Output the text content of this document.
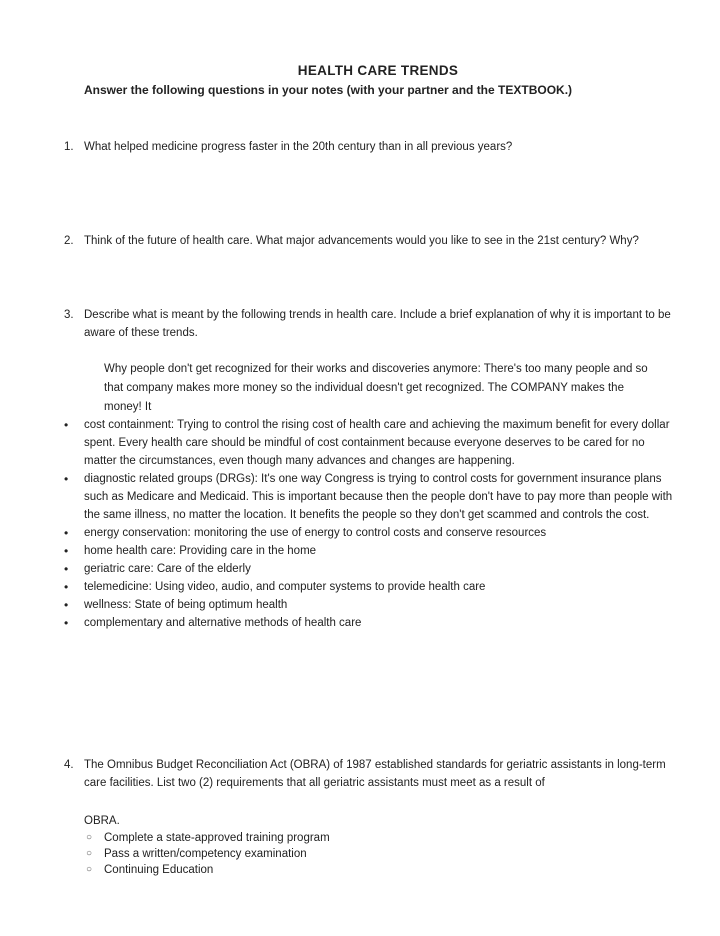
HEALTH CARE TRENDS
Answer the following questions in your notes (with your partner and the TEXTBOOK.)
1. What helped medicine progress faster in the 20th century than in all previous years?
2. Think of the future of health care. What major advancements would you like to see in the 21st century? Why?
3. Describe what is meant by the following trends in health care. Include a brief explanation of why it is important to be aware of these trends.
Why people don't get recognized for their works and discoveries anymore: There's too many people and so that company makes more money so the individual doesn't get recognized. The COMPANY makes the money! It
• cost containment: Trying to control the rising cost of health care and achieving the maximum benefit for every dollar spent. Every health care should be mindful of cost containment because everyone deserves to be cared for no matter the circumstances, even though many advances and changes are happening.
• diagnostic related groups (DRGs): It's one way Congress is trying to control costs for government insurance plans such as Medicare and Medicaid. This is important because then the people don't have to pay more than people with the same illness, no matter the location. It benefits the people so they don't get scammed and controls the cost.
• energy conservation: monitoring the use of energy to control costs and conserve resources
• home health care: Providing care in the home
• geriatric care: Care of the elderly
• telemedicine: Using video, audio, and computer systems to provide health care
• wellness: State of being optimum health
• complementary and alternative methods of health care
4. The Omnibus Budget Reconciliation Act (OBRA) of 1987 established standards for geriatric assistants in long-term care facilities. List two (2) requirements that all geriatric assistants must meet as a result of
OBRA.
○ Complete a state-approved training program
○ Pass a written/competency examination
○ Continuing Education
